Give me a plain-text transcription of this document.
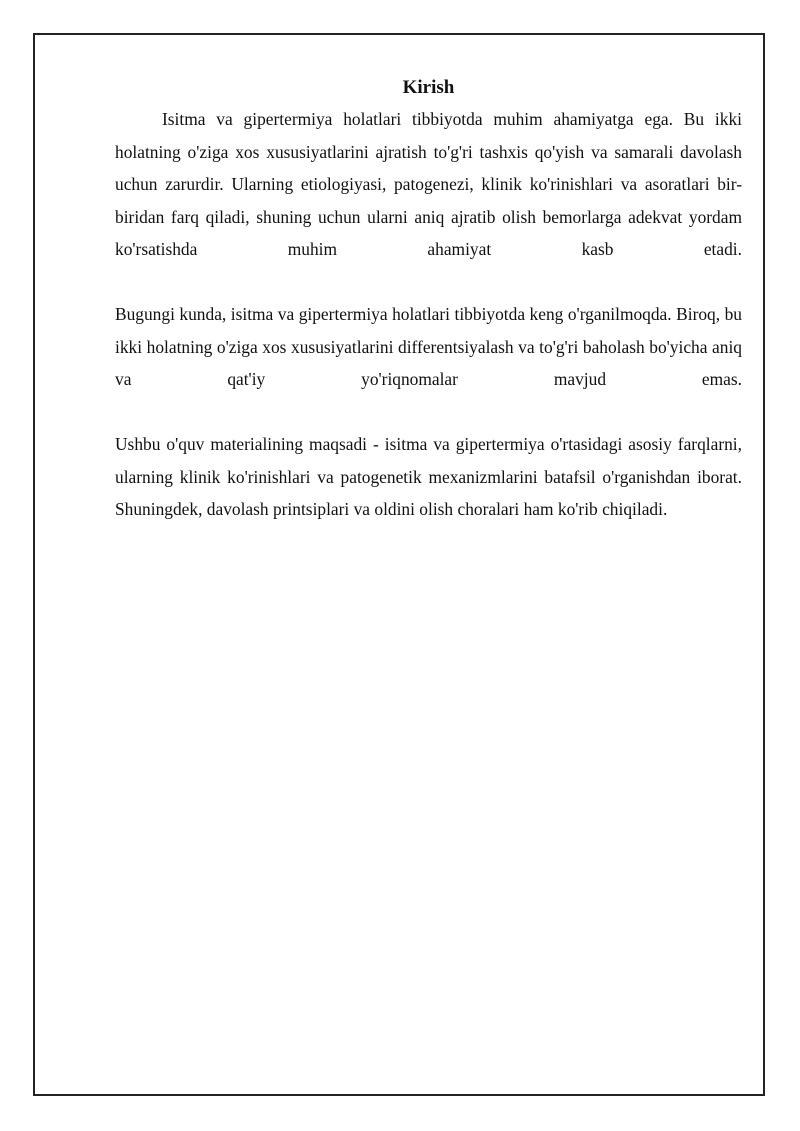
Kirish

Isitma va gipertermiya holatlari tibbiyotda muhim ahamiyatga ega. Bu ikki holatning o'ziga xos xususiyatlarini ajratish to'g'ri tashxis qo'yish va samarali davolash uchun zarurdir. Ularning etiologiyasi, patogenezi, klinik ko'rinishlari va asoratlari bir-biridan farq qiladi, shuning uchun ularni aniq ajratib olish bemorlarga adekvat yordam ko'rsatishda muhim ahamiyat kasb etadi.

Bugungi kunda, isitma va gipertermiya holatlari tibbiyotda keng o'rganilmoqda. Biroq, bu ikki holatning o'ziga xos xususiyatlarini differentsiyalash va to'g'ri baholash bo'yicha aniq va qat'iy yo'riqnomalar mavjud emas.

Ushbu o'quv materialining maqsadi - isitma va gipertermiya o'rtasidagi asosiy farqlarni, ularning klinik ko'rinishlari va patogenetik mexanizmlarini batafsil o'rganishdan iborat. Shuningdek, davolash printsiplari va oldini olish choralari ham ko'rib chiqiladi.
